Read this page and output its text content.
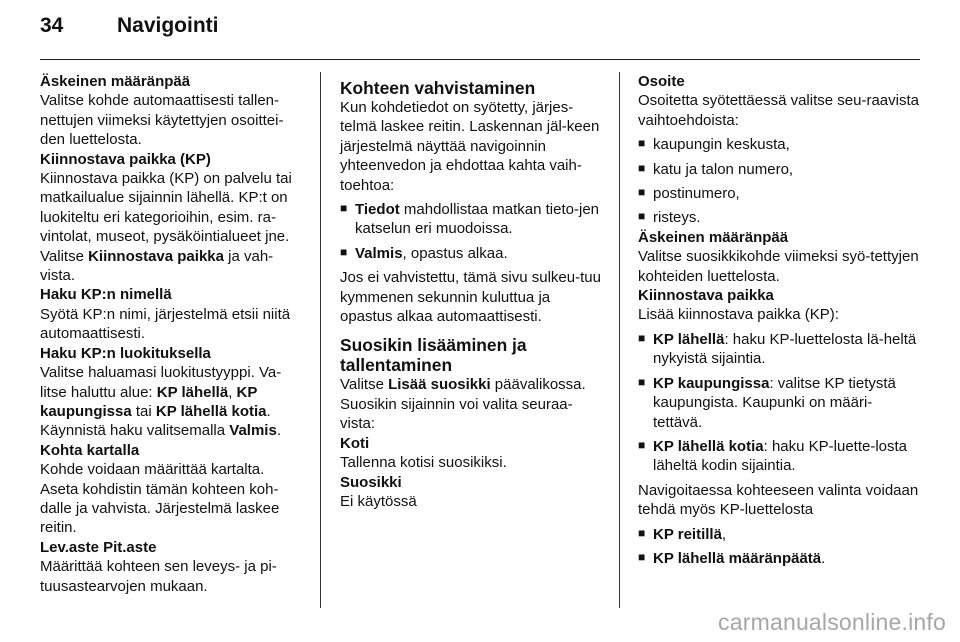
34	Navigointi
Äskeinen määränpää
Valitse kohde automaattisesti tallen-
nettujen viimeksi käytettyjen osoittei-
den luettelosta.
Kiinnostava paikka (KP)
Kiinnostava paikka (KP) on palvelu tai matkailualue sijainnin lähellä. KP:t on luokiteltu eri kategorioihin, esim. ra-vintolat, museot, pysäköintialueet jne. Valitse Kiinnostava paikka ja vah-vista.
Haku KP:n nimellä
Syötä KP:n nimi, järjestelmä etsii niitä automaattisesti.
Haku KP:n luokituksella
Valitse haluamasi luokitustyyppi. Va-litse haluttu alue: KP lähellä, KP kaupungissa tai KP lähellä kotia.
Käynnistä haku valitsemalla Valmis.
Kohta kartalla
Kohde voidaan määrittää kartalta. Aseta kohdistin tämän kohteen koh-dalle ja vahvista. Järjestelmä laskee reitin.
Lev.aste Pit.aste
Määrittää kohteen sen leveys- ja pi-tuusastearvojen mukaan.
Kohteen vahvistaminen
Kun kohdetiedot on syötetty, järjes-telmä laskee reitin. Laskennan jäl-keen järjestelmä näyttää navigoinnin yhteenvedon ja ehdottaa kahta vaih-toehtoa:
■ Tiedot mahdollistaa matkan tieto-jen katselun eri muodoissa.
■ Valmis, opastus alkaa.
Jos ei vahvistettu, tämä sivu sulkeu-tuu kymmenen sekunnin kuluttua ja opastus alkaa automaattisesti.
Suosikin lisääminen ja tallentaminen
Valitse Lisää suosikki päävalikossa. Suosikin sijainnin voi valita seuraa-vista:
Koti
Tallenna kotisi suosikiksi.
Suosikki
Ei käytössä
Osoite
Osoitetta syötettäessä valitse seu-raavista vaihtoehdoista:
■ kaupungin keskusta,
■ katu ja talon numero,
■ postinumero,
■ risteys.
Äskeinen määränpää
Valitse suosikkikohde viimeksi syö-tettyjen kohteiden luettelosta.
Kiinnostava paikka
Lisää kiinnostava paikka (KP):
■ KP lähellä: haku KP-luettelosta lä-heltä nykyistä sijaintia.
■ KP kaupungissa: valitse KP tietystä kaupungista. Kaupunki on määri-tettävä.
■ KP lähellä kotia: haku KP-luette-losta läheltä kodin sijaintia.
Navigoitaessa kohteeseen valinta voidaan tehdä myös KP-luettelosta
■ KP reitillä,
■ KP lähellä määränpäätä.
carmanualsonline.info
